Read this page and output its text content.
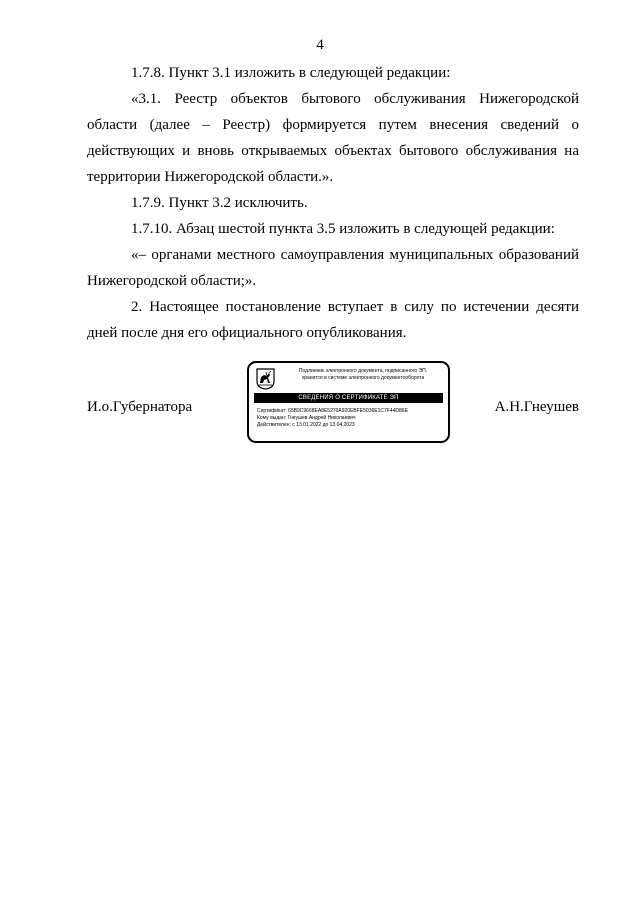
4

1.7.8. Пункт 3.1 изложить в следующей редакции:

«3.1. Реестр объектов бытового обслуживания Нижегородской области (далее – Реестр) формируется путем внесения сведений о действующих и вновь открываемых объектах бытового обслуживания на территории Нижегородской области.».

1.7.9. Пункт 3.2 исключить.

1.7.10. Абзац шестой пункта 3.5 изложить в следующей редакции:

«– органами местного самоуправления муниципальных образований Нижегородской области;».

2. Настоящее постановление вступает в силу по истечении десяти дней после дня его официального опубликования.

И.о.Губернатора	А.Н.Гнеушев
Подлинник электронного документа, подписанного ЭП,
хранится в системе электронного документооборота
СВЕДЕНИЯ О СЕРТИФИКАТЕ ЭП
Сертификат: 65B9C9668EA8E5270A920EBFE5036E1C7F44D86E
Кому выдан: Гнеушев Андрей Николаевич
Действителен: с 13.01.2022 до 13.04.2023
